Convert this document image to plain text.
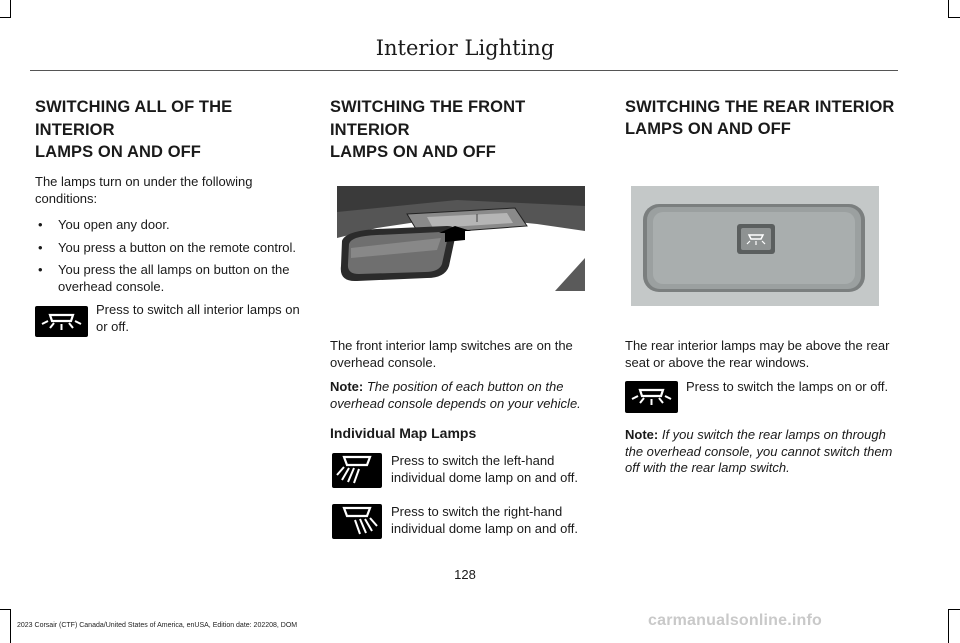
Interior Lighting
SWITCHING ALL OF THE INTERIOR
LAMPS ON AND OFF

The lamps turn on under the following conditions:

• You open any door.
• You press a button on the remote control.
• You press the all lamps on button on the overhead console.
Press to switch all interior lamps on or off.
SWITCHING THE FRONT INTERIOR
LAMPS ON AND OFF

The front interior lamp switches are on the overhead console.

Note: The position of each button on the overhead console depends on your vehicle.

Individual Map Lamps
Press to switch the left-hand individual dome lamp on and off.
Press to switch the right-hand individual dome lamp on and off.
SWITCHING THE REAR INTERIOR
LAMPS ON AND OFF

The rear interior lamps may be above the rear seat or above the rear windows.

Press to switch the lamps on or off.

Note: If you switch the rear lamps on through the overhead console, you cannot switch them off with the rear lamp switch.

128
2023 Corsair (CTF) Canada/United States of America, enUSA, Edition date: 202208, DOM	carmanualsonline.info
